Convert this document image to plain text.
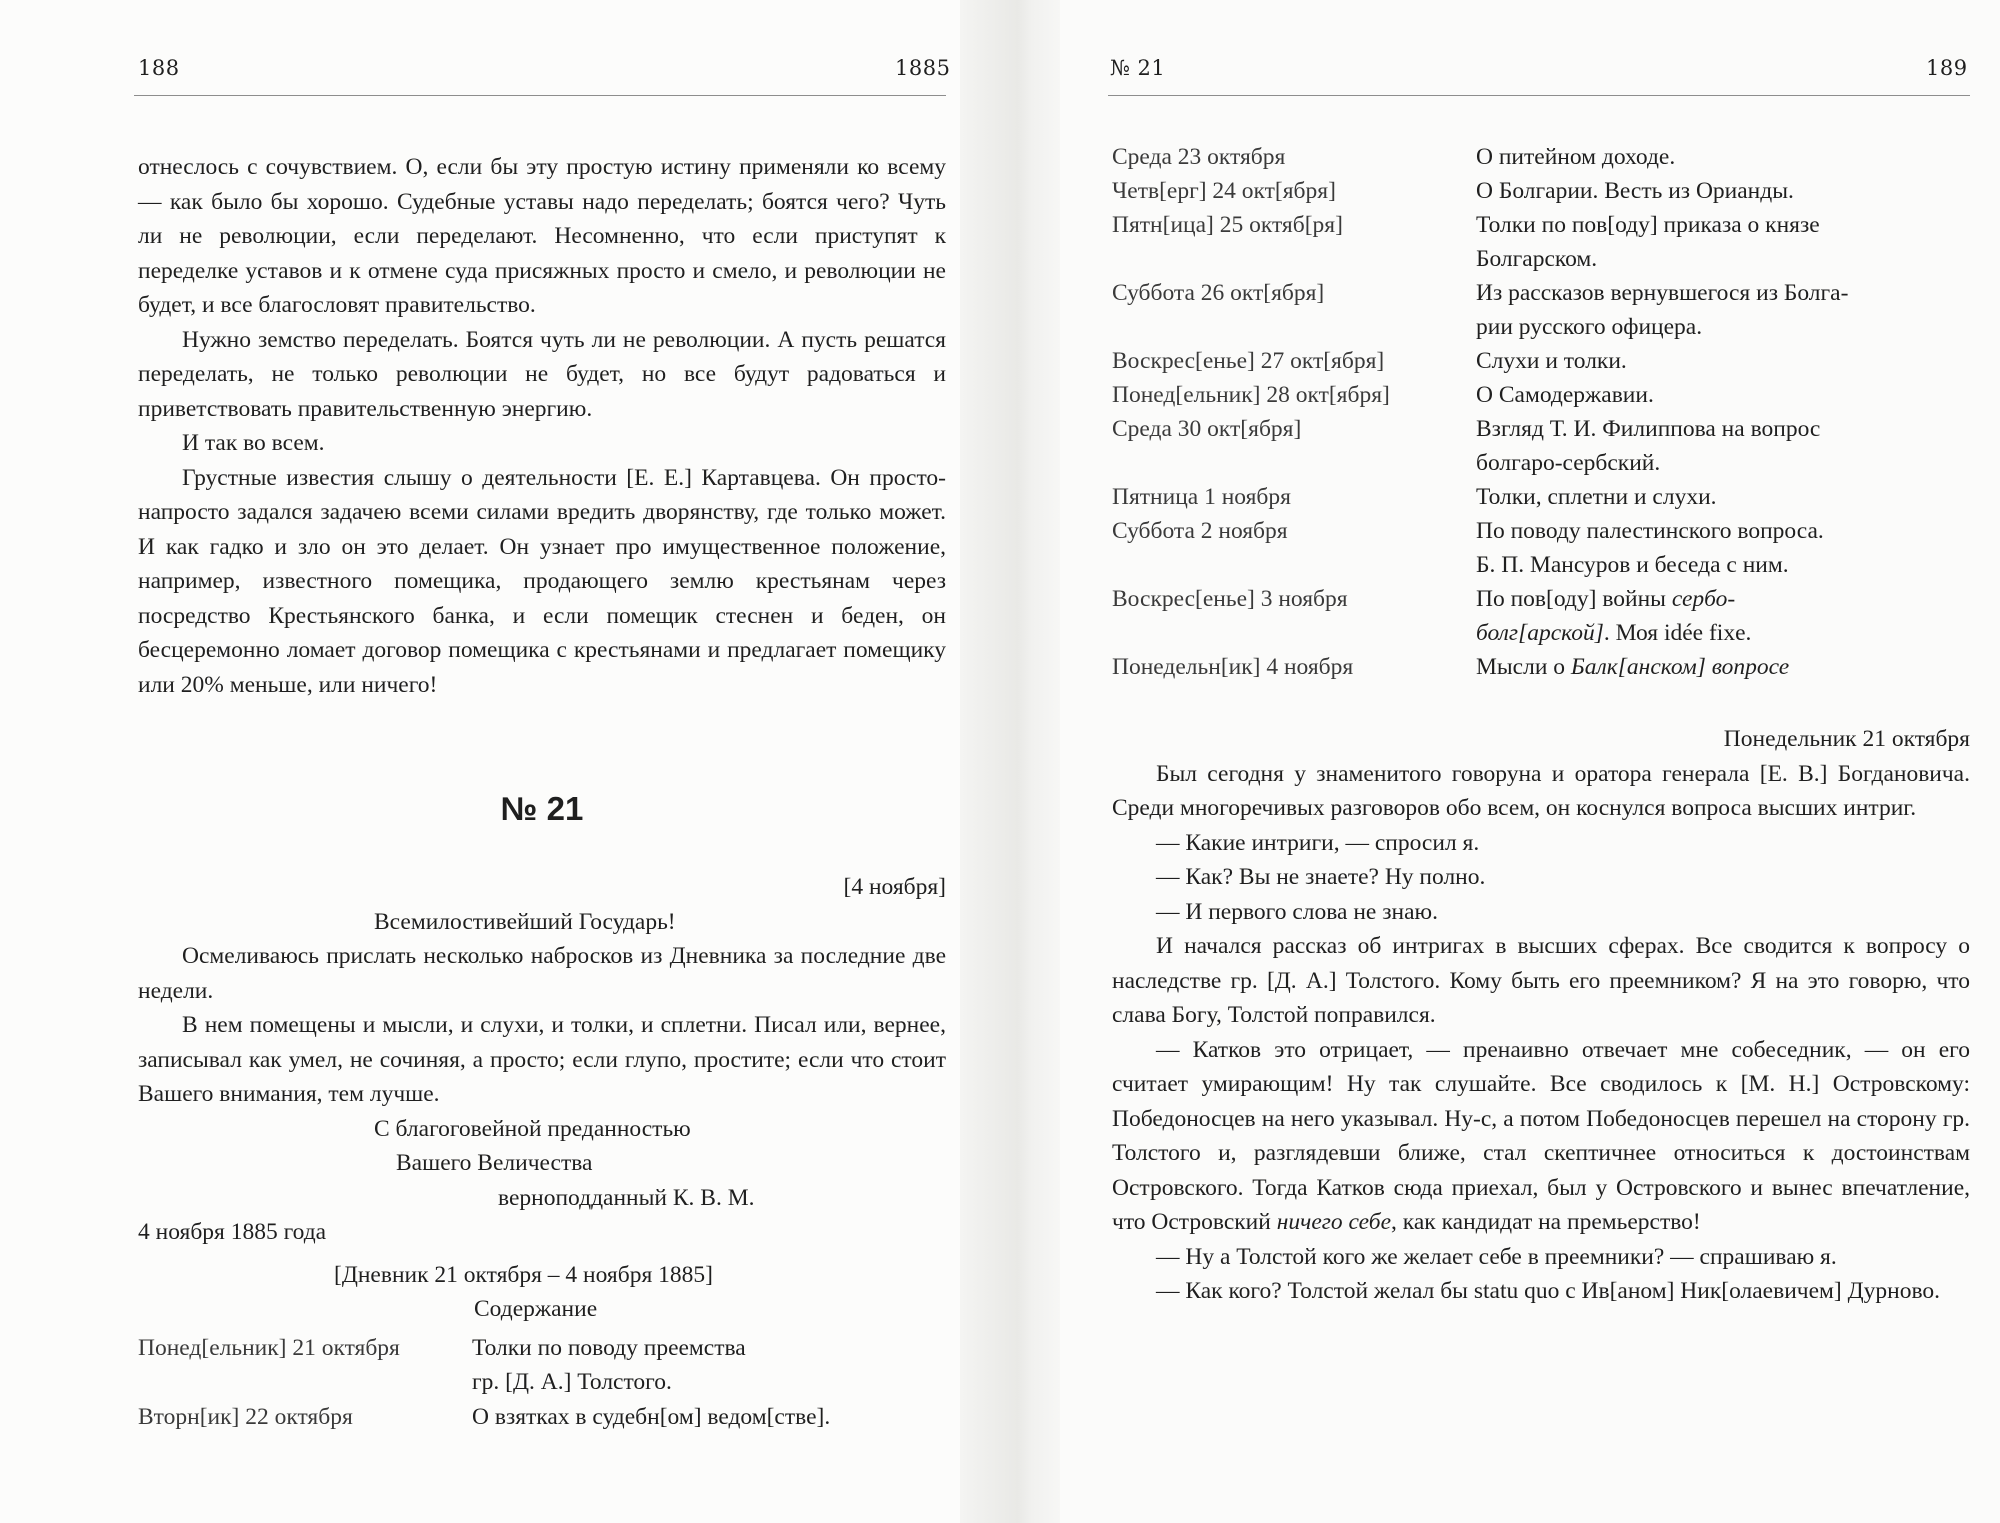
188	1885

отнеслось с сочувствием. О, если бы эту простую истину применяли ко всему — как было бы хорошо. Судебные уставы надо переделать; боятся чего? Чуть ли не революции, если переделают. Несомненно, что если приступят к переделке уставов и к отмене суда присяжных просто и смело, и революции не будет, и все благословят правительство.

Нужно земство переделать. Боятся чуть ли не революции. А пусть решатся переделать, не только революции не будет, но все будут радоваться и приветствовать правительственную энергию.

И так во всем.

Грустные известия слышу о деятельности [Е. Е.] Картавцева. Он просто-напросто задался задачею всеми силами вредить дворянству, где только может. И как гадко и зло он это делает. Он узнает про имущественное положение, например, известного помещика, продающего землю крестьянам через посредство Крестьянского банка, и если помещик стеснен и беден, он бесцеремонно ломает договор помещика с крестьянами и предлагает помещику или 20% меньше, или ничего!

№ 21
[4 ноября]
Всемилостивейший Государь!

Осмеливаюсь прислать несколько набросков из Дневника за последние две недели.

В нем помещены и мысли, и слухи, и толки, и сплетни. Писал или, вернее, записывал как умел, не сочиняя, а просто; если глупо, простите; если что стоит Вашего внимания, тем лучше.

С благоговейной преданностью
Вашего Величества
верноподданный К. В. М.
4 ноября 1885 года
[Дневник 21 октября – 4 ноября 1885]
Содержание
Понед[ельник] 21 октября	Толки по поводу преемства
гр. [Д. А.] Толстого.
Вторн[ик] 22 октября	О взятках в судебн[ом] ведом[стве].
№ 21	189
Среда 23 октября	О питейном доходе.
Четв[ерг] 24 окт[ября]	О Болгарии. Весть из Орианды.
Пятн[ица] 25 октяб[ря]	Толки по пов[оду] приказа о князе
Болгарском.
Суббота 26 окт[ября]	Из рассказов вернувшегося из Болга-
рии русского офицера.
Воскрес[енье] 27 окт[ября]	Слухи и толки.
Понед[ельник] 28 окт[ября]	О Самодержавии.
Среда 30 окт[ября]	Взгляд Т. И. Филиппова на вопрос
болгаро-сербский.
Пятница 1 ноября	Толки, сплетни и слухи.
Суббота 2 ноября	По поводу палестинского вопроса.
Б. П. Мансуров и беседа с ним.
Воскрес[енье] 3 ноября	По пов[оду] войны сербо-
болг[арской]. Моя idée fixe.
Понедельн[ик] 4 ноября	Мысли о Балк[анском] вопросе
Понедельник 21 октября

Был сегодня у знаменитого говоруна и оратора генерала [Е. В.] Богдановича. Среди многоречивых разговоров обо всем, он коснулся вопроса высших интриг.

— Какие интриги, — спросил я.

— Как? Вы не знаете? Ну полно.

— И первого слова не знаю.

И начался рассказ об интригах в высших сферах. Все сводится к вопросу о наследстве гр. [Д. А.] Толстого. Кому быть его преемником? Я на это говорю, что слава Богу, Толстой поправился.

— Катков это отрицает, — пренаивно отвечает мне собеседник, — он его считает умирающим! Ну так слушайте. Все сводилось к [М. Н.] Островскому: Победоносцев на него указывал. Ну-с, а потом Победоносцев перешел на сторону гр. Толстого и, разглядевши ближе, стал скептичнее относиться к достоинствам Островского. Тогда Катков сюда приехал, был у Островского и вынес впечатление, что Островский ничего себе, как кандидат на премьерство!

— Ну а Толстой кого же желает себе в преемники? — спрашиваю я.

— Как кого? Толстой желал бы statu quo с Ив[аном] Ник[олаевичем] Дурново.
